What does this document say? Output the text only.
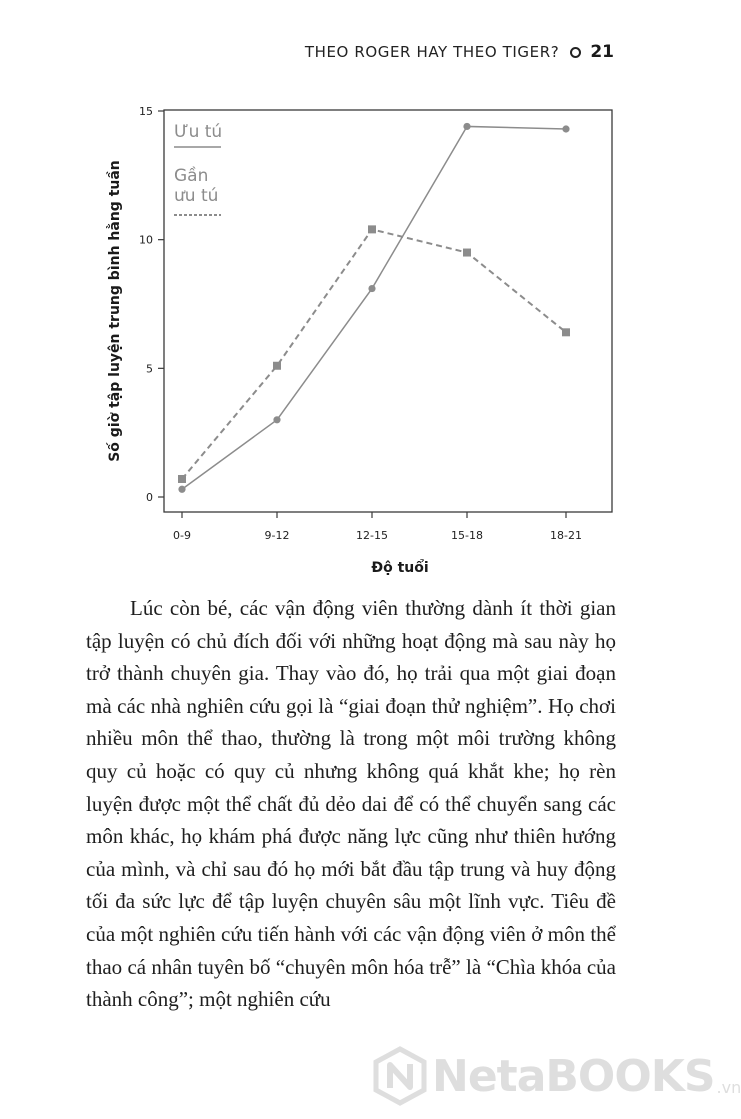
THEO ROGER HAY THEO TIGER? 21
0
5
10
15
0-9	9-12	12-15	15-18	18-21
Độ tuổi
Số giờ tập luyện trung bình hằng tuần
Ưu tú
Gần
ưu tú

Lúc còn bé, các vận động viên thường dành ít thời gian tập luyện có chủ đích đối với những hoạt động mà sau này họ trở thành chuyên gia. Thay vào đó, họ trải qua một giai đoạn mà các nhà nghiên cứu gọi là “giai đoạn thử nghiệm”. Họ chơi nhiều môn thể thao, thường là trong một môi trường không quy củ hoặc có quy củ nhưng không quá khắt khe; họ rèn luyện được một thể chất đủ dẻo dai để có thể chuyển sang các môn khác, họ khám phá được năng lực cũng như thiên hướng của mình, và chỉ sau đó họ mới bắt đầu tập trung và huy động tối đa sức lực để tập luyện chuyên sâu một lĩnh vực. Tiêu đề của một nghiên cứu tiến hành với các vận động viên ở môn thể thao cá nhân tuyên bố “chuyên môn hóa trễ” là “Chìa khóa của thành công”; một nghiên cứu

NetaBOOKS .vn
